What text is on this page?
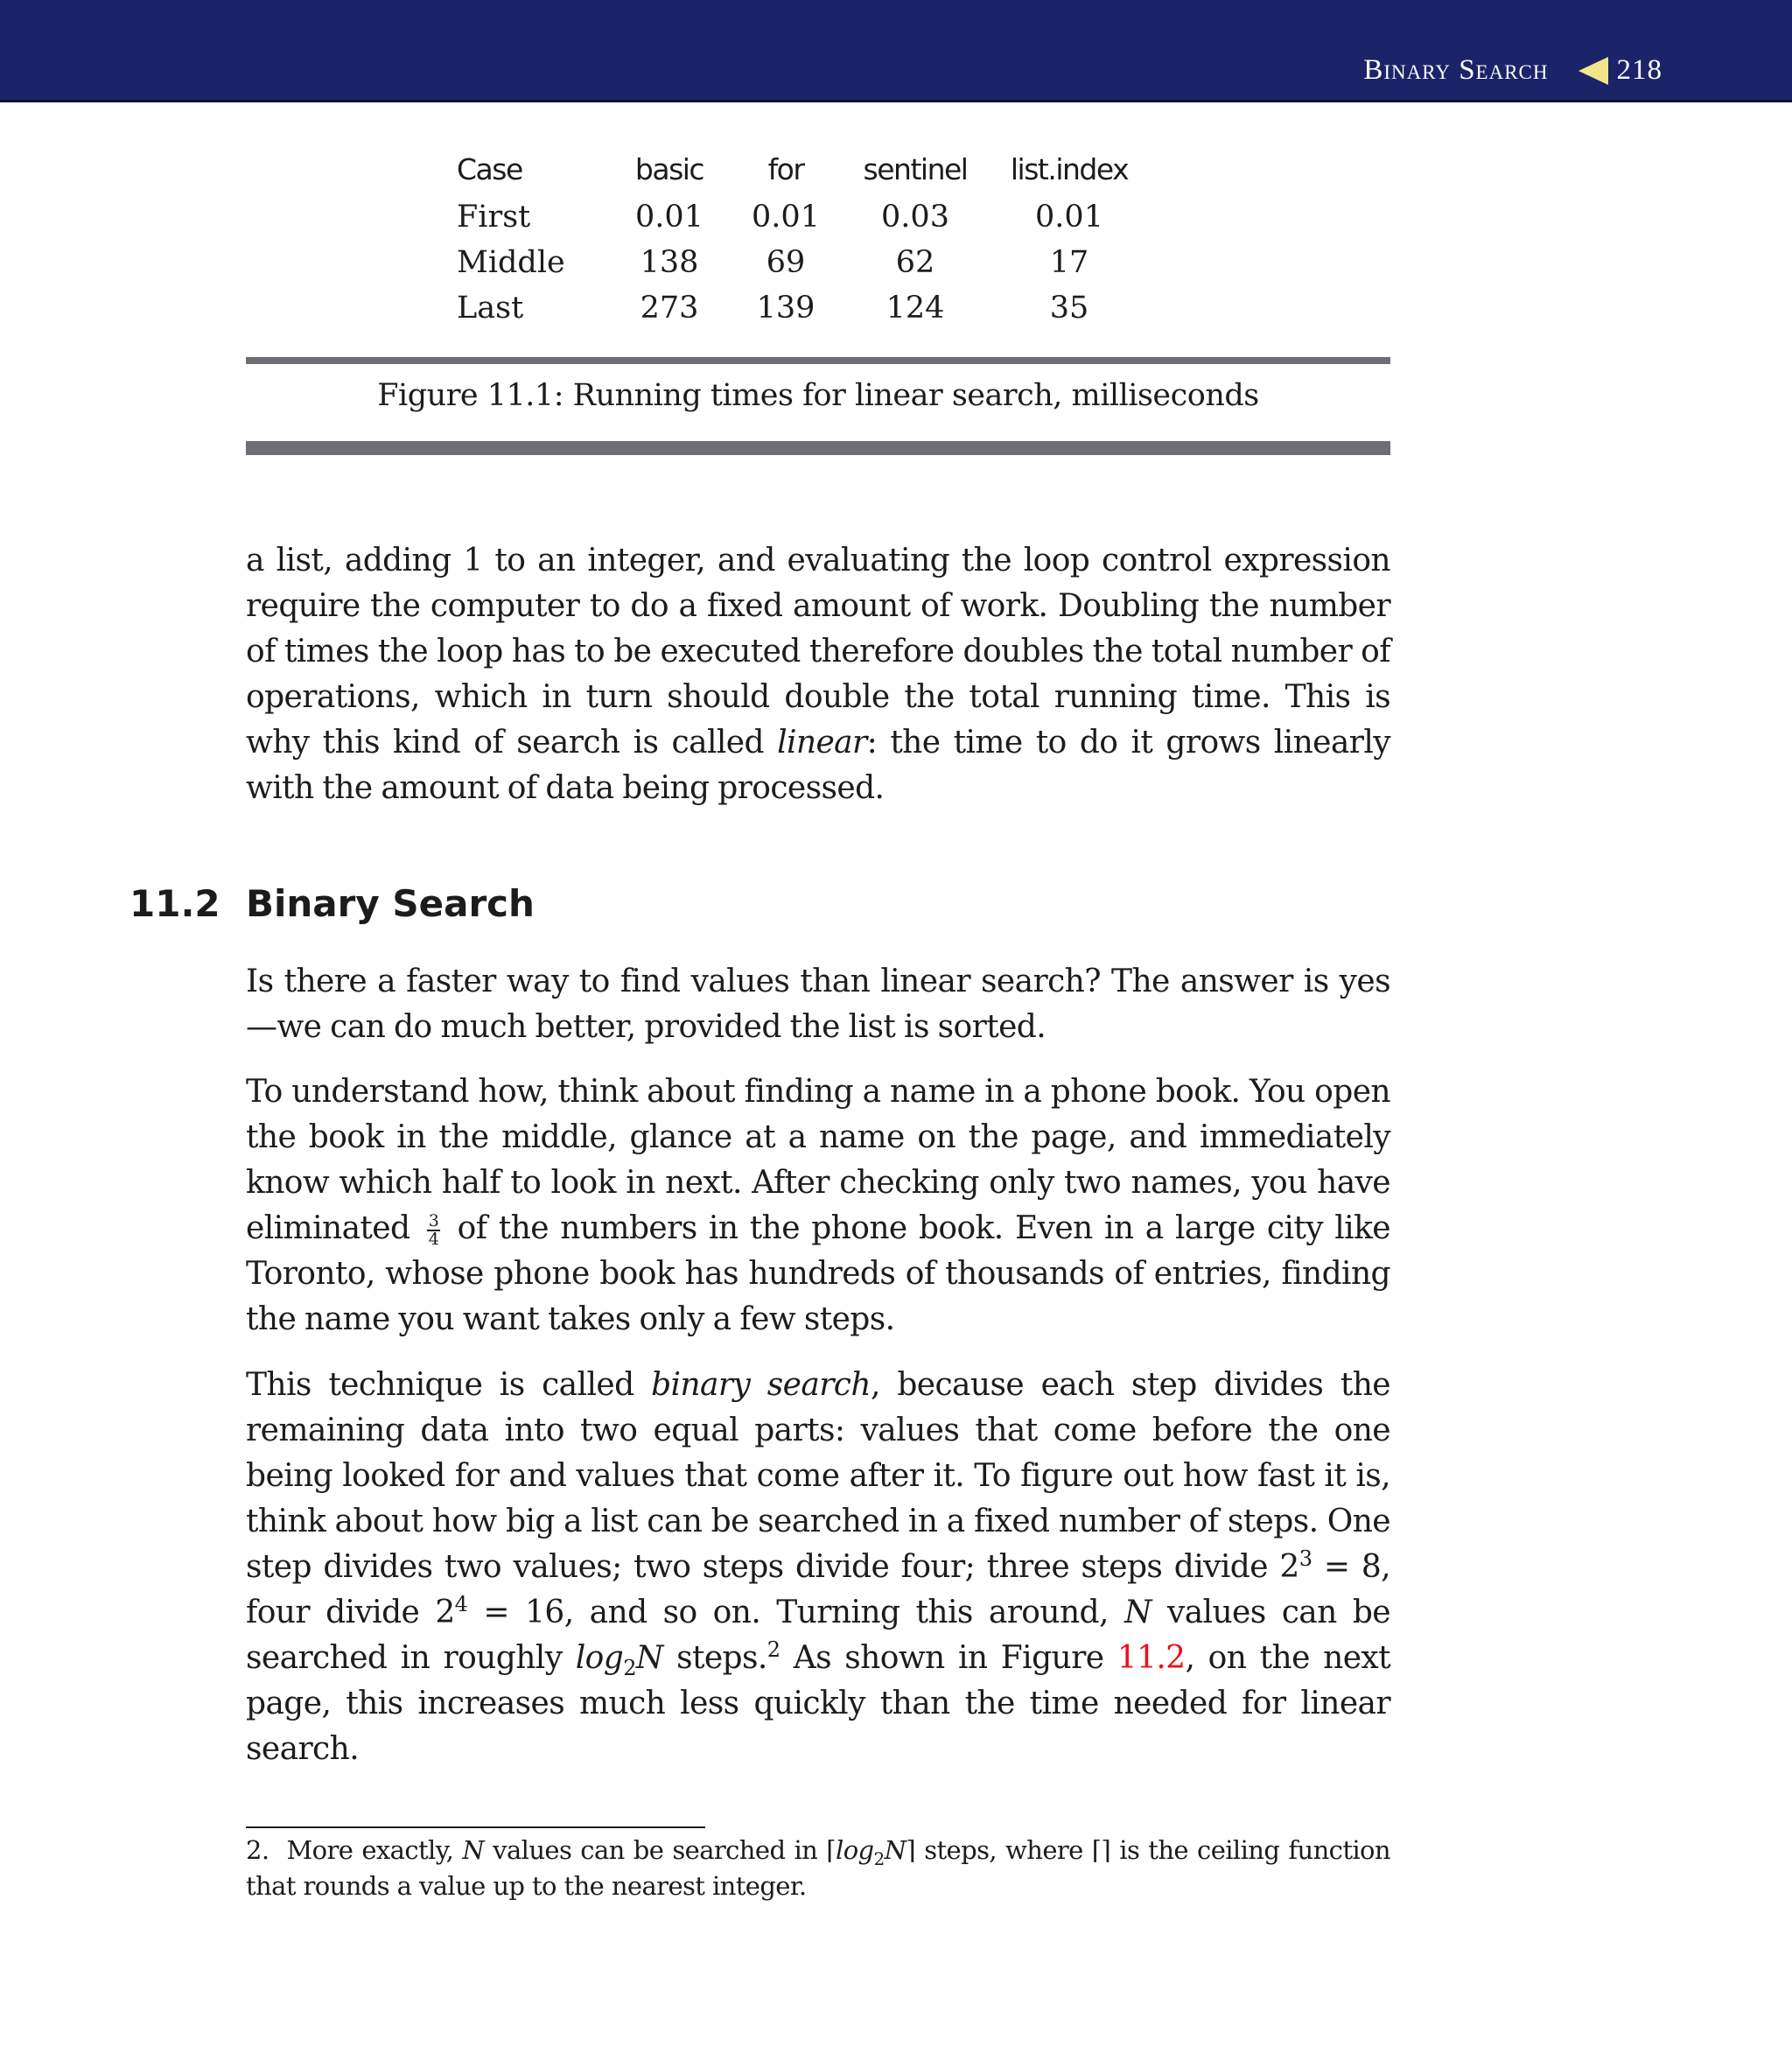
Binary Search 218
Case	basic	for	sentinel	list.index
First	0.01	0.01	0.03	0.01
Middle	138	69	62	17
Last	273	139	124	35
Figure 11.1: Running times for linear search, milliseconds

a list, adding 1 to an integer, and evaluating the loop control expression require the computer to do a fixed amount of work. Doubling the number of times the loop has to be executed therefore doubles the total number of operations, which in turn should double the total running time. This is why this kind of search is called linear: the time to do it grows linearly with the amount of data being processed.

11.2 Binary Search

Is there a faster way to find values than linear search? The answer is yes—we can do much better, provided the list is sorted.

To understand how, think about finding a name in a phone book. You open the book in the middle, glance at a name on the page, and immediately know which half to look in next. After checking only two names, you have eliminated $\frac{3}{4}$ of the numbers in the phone book. Even in a large city like Toronto, whose phone book has hundreds of thousands of entries, finding the name you want takes only a few steps.

This technique is called binary search, because each step divides the remaining data into two equal parts: values that come before the one being looked for and values that come after it. To figure out how fast it is, think about how big a list can be searched in a fixed number of steps. One step divides two values; two steps divide four; three steps divide $2^3 = 8$, four divide $2^4 = 16$, and so on. Turning this around, N values can be searched in roughly $\log_2N$ steps.$^2$ As shown in Figure 11.2, on the next page, this increases much less quickly than the time needed for linear search.

2. More exactly, N values can be searched in $⌈\log_2N⌉$ steps, where ⌈⌉ is the ceiling function that rounds a value up to the nearest integer.
